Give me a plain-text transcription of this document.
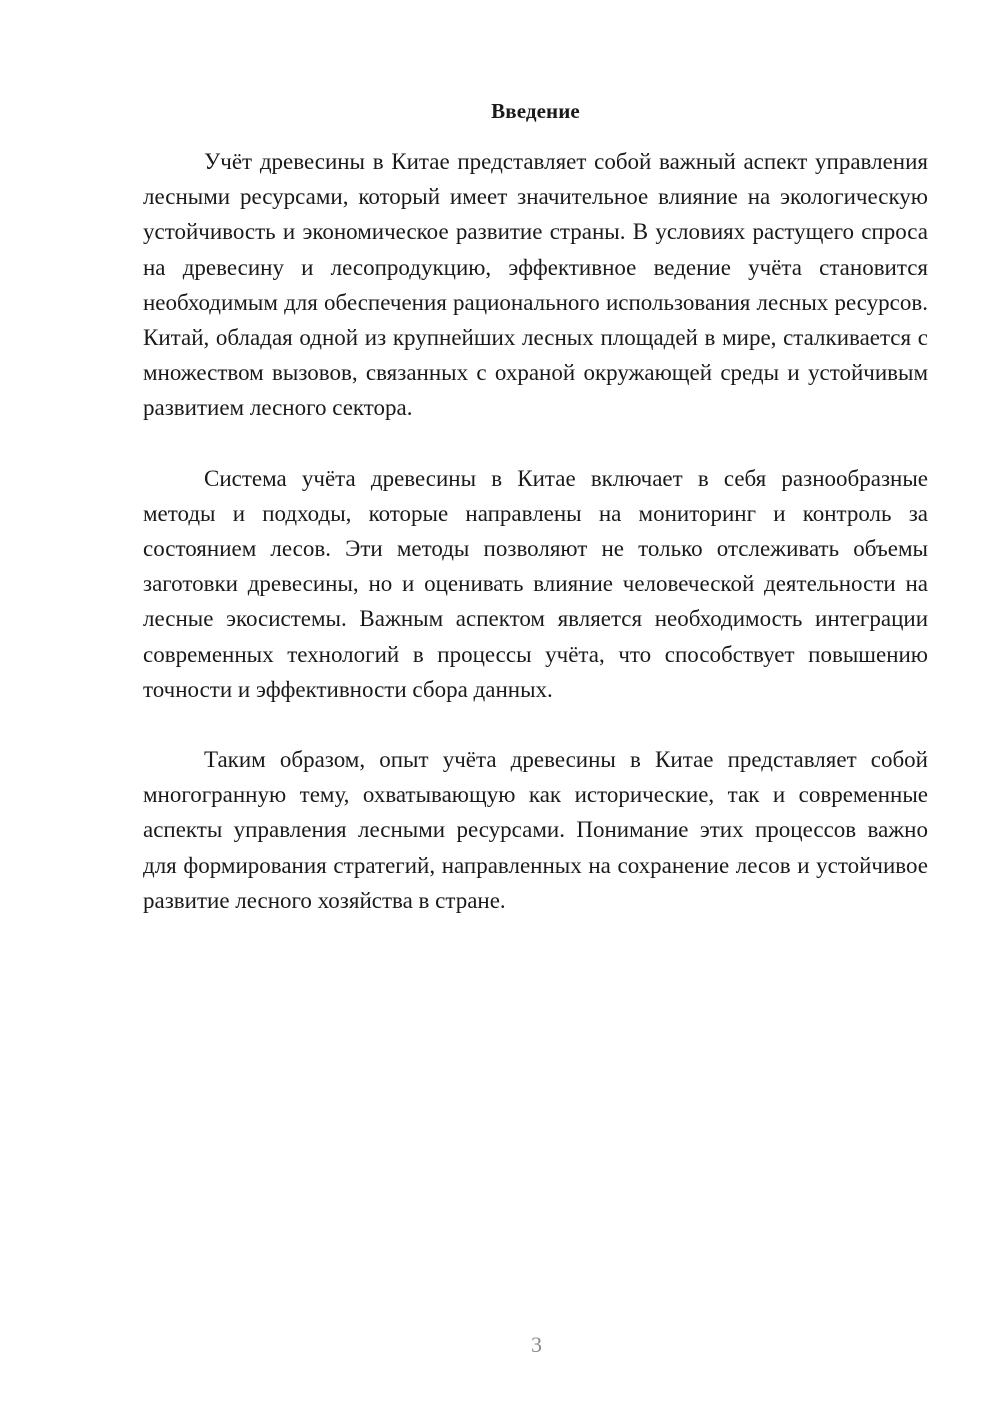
Введение

Учёт древесины в Китае представляет собой важный аспект управления лесными ресурсами, который имеет значительное влияние на экологическую устойчивость и экономическое развитие страны. В условиях растущего спроса на древесину и лесопродукцию, эффективное ведение учёта становится необходимым для обеспечения рационального использования лесных ресурсов. Китай, обладая одной из крупнейших лесных площадей в мире, сталкивается с множеством вызовов, связанных с охраной окружающей среды и устойчивым развитием лесного сектора.

Система учёта древесины в Китае включает в себя разнообразные методы и подходы, которые направлены на мониторинг и контроль за состоянием лесов. Эти методы позволяют не только отслеживать объемы заготовки древесины, но и оценивать влияние человеческой деятельности на лесные экосистемы. Важным аспектом является необходимость интеграции современных технологий в процессы учёта, что способствует повышению точности и эффективности сбора данных.

Таким образом, опыт учёта древесины в Китае представляет собой многогранную тему, охватывающую как исторические, так и современные аспекты управления лесными ресурсами. Понимание этих процессов важно для формирования стратегий, направленных на сохранение лесов и устойчивое развитие лесного хозяйства в стране.

3
